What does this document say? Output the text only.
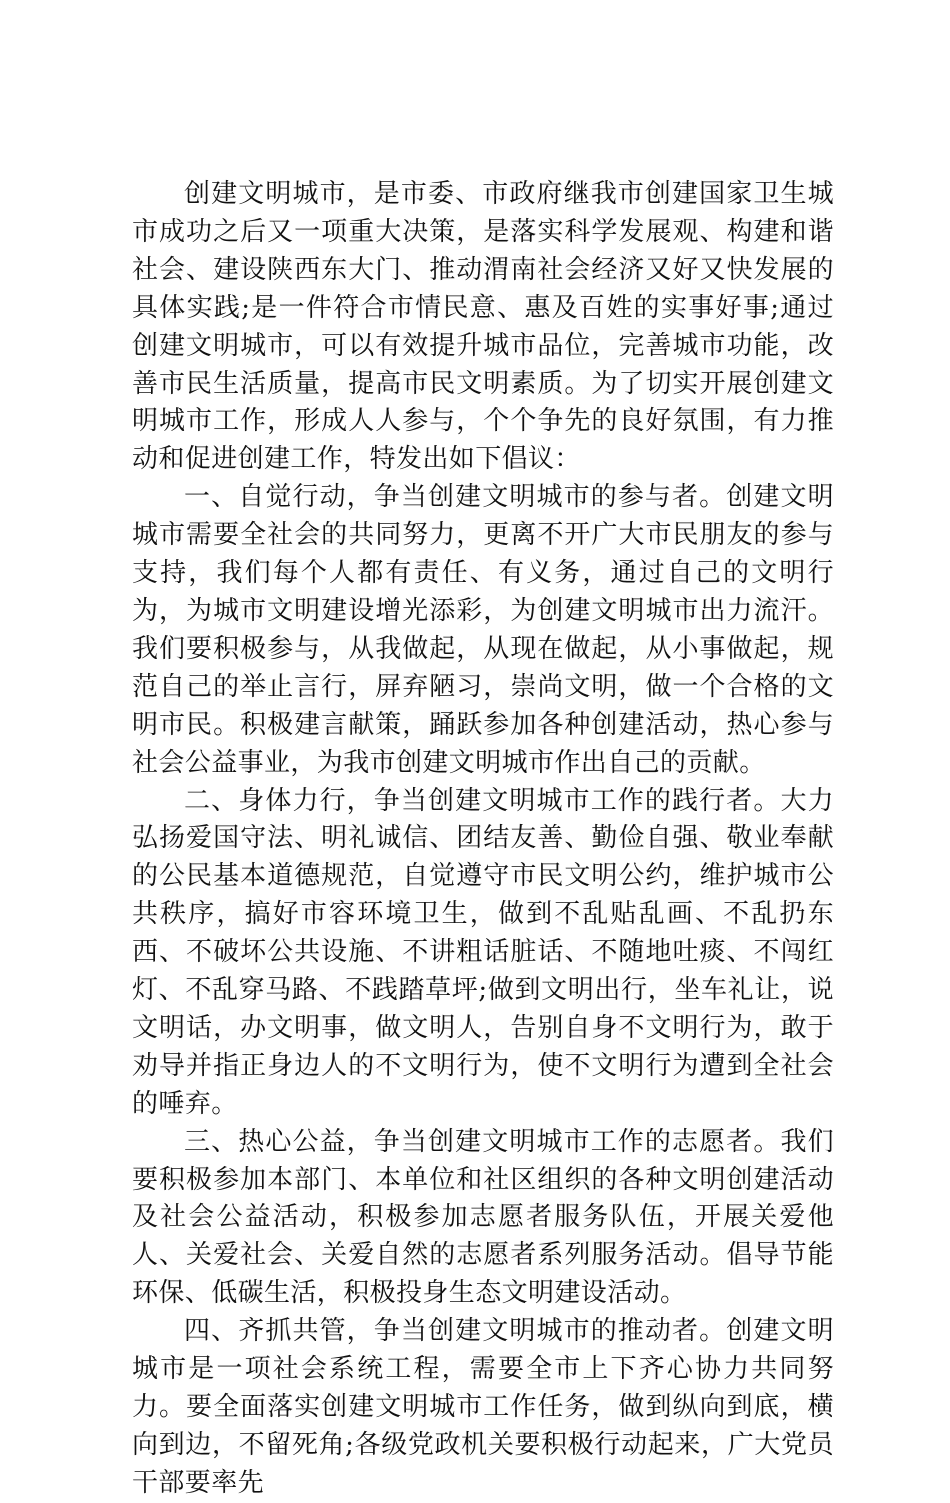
创建文明城市，是市委、市政府继我市创建国家卫生城市成功之后又一项重大决策，是落实科学发展观、构建和谐社会、建设陕西东大门、推动渭南社会经济又好又快发展的具体实践;是一件符合市情民意、惠及百姓的实事好事;通过创建文明城市，可以有效提升城市品位，完善城市功能，改善市民生活质量，提高市民文明素质。为了切实开展创建文明城市工作，形成人人参与，个个争先的良好氛围，有力推动和促进创建工作，特发出如下倡议：

一、自觉行动，争当创建文明城市的参与者。创建文明城市需要全社会的共同努力，更离不开广大市民朋友的参与支持，我们每个人都有责任、有义务，通过自己的文明行为，为城市文明建设增光添彩，为创建文明城市出力流汗。我们要积极参与，从我做起，从现在做起，从小事做起，规范自己的举止言行，屏弃陋习，崇尚文明，做一个合格的文明市民。积极建言献策，踊跃参加各种创建活动，热心参与社会公益事业，为我市创建文明城市作出自己的贡献。

二、身体力行，争当创建文明城市工作的践行者。大力弘扬爱国守法、明礼诚信、团结友善、勤俭自强、敬业奉献的公民基本道德规范，自觉遵守市民文明公约，维护城市公共秩序，搞好市容环境卫生，做到不乱贴乱画、不乱扔东西、不破坏公共设施、不讲粗话脏话、不随地吐痰、不闯红灯、不乱穿马路、不践踏草坪;做到文明出行，坐车礼让，说文明话，办文明事，做文明人，告别自身不文明行为，敢于劝导并指正身边人的不文明行为，使不文明行为遭到全社会的唾弃。

三、热心公益，争当创建文明城市工作的志愿者。我们要积极参加本部门、本单位和社区组织的各种文明创建活动及社会公益活动，积极参加志愿者服务队伍，开展关爱他人、关爱社会、关爱自然的志愿者系列服务活动。倡导节能环保、低碳生活，积极投身生态文明建设活动。

四、齐抓共管，争当创建文明城市的推动者。创建文明城市是一项社会系统工程，需要全市上下齐心协力共同努力。要全面落实创建文明城市工作任务，做到纵向到底，横向到边，不留死角;各级党政机关要积极行动起来，广大党员干部要率先
